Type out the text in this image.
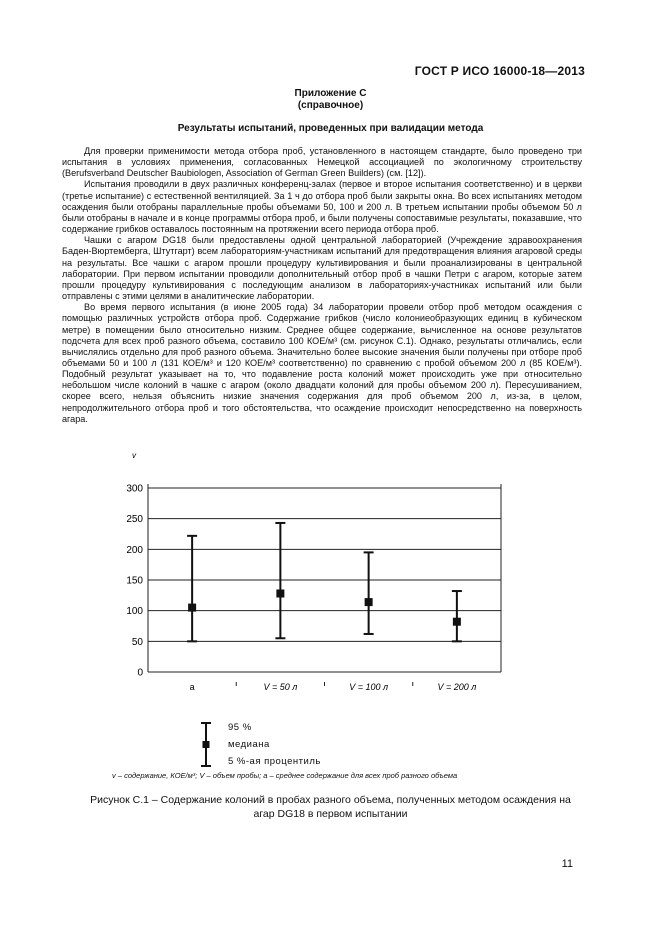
ГОСТ Р ИСО 16000-18—2013
Приложение С
(справочное)
Результаты испытаний, проведенных при валидации метода

Для проверки применимости метода отбора проб, установленного в настоящем стандарте, было проведено три испытания в условиях применения, согласованных Немецкой ассоциацией по экологичному строительству (Berufsverband Deutscher Baubiologen, Association of German Green Builders) (см. [12]).

Испытания проводили в двух различных конференц-залах (первое и второе испытания соответственно) и в церкви (третье испытание) с естественной вентиляцией. За 1 ч до отбора проб были закрыты окна. Во всех испытаниях методом осаждения были отобраны параллельные пробы объемами 50, 100 и 200 л. В третьем испытании пробы объемом 50 л были отобраны в начале и в конце программы отбора проб, и были получены сопоставимые результаты, показавшие, что содержание грибков оставалось постоянным на протяжении всего периода отбора проб.

Чашки с агаром DG18 были предоставлены одной центральной лабораторией (Учреждение здравоохранения Баден-Вюртемберга, Штутгарт) всем лабораториям-участникам испытаний для предотвращения влияния агаровой среды на результаты. Все чашки с агаром прошли процедуру культивирования и были проанализированы в центральной лаборатории. При первом испытании проводили дополнительный отбор проб в чашки Петри с агаром, которые затем прошли процедуру культивирования с последующим анализом в лабораториях-участниках испытаний или были отправлены с этими целями в аналитические лаборатории.

Во время первого испытания (в июне 2005 года) 34 лаборатории провели отбор проб методом осаждения с помощью различных устройств отбора проб. Содержание грибков (число колониеобразующих единиц в кубическом метре) в помещении было относительно низким. Среднее общее содержание, вычисленное на основе результатов подсчета для всех проб разного объема, составило 100 КОЕ/м³ (см. рисунок С.1). Однако, результаты отличались, если вычислялись отдельно для проб разного объема. Значительно более высокие значения были получены при отборе проб объемами 50 и 100 л (131 КОЕ/м³ и 120 КОЕ/м³ соответственно) по сравнению с пробой объемом 200 л (85 КОЕ/м³). Подобный результат указывает на то, что подавление роста колоний может происходить уже при относительно небольшом числе колоний в чашке с агаром (около двадцати колоний для пробы объемом 200 л). Пересушиванием, скорее всего, нельзя объяснить низкие значения содержания для проб объемом 200 л, из-за, в целом, непродолжительного отбора проб и того обстоятельства, что осаждение происходит непосредственно на поверхность агара.

v
0
50
100
150
200
250
300
a	V = 50 л	V = 100 л	V = 200 л
95 %
медиана
5 %-ая процентиль
v – содержание, КОЕ/м³; V – объем пробы; a – среднее содержание для всех проб разного объема
Рисунок С.1 – Содержание колоний в пробах разного объема, полученных методом осаждения на
агар DG18 в первом испытании
11
